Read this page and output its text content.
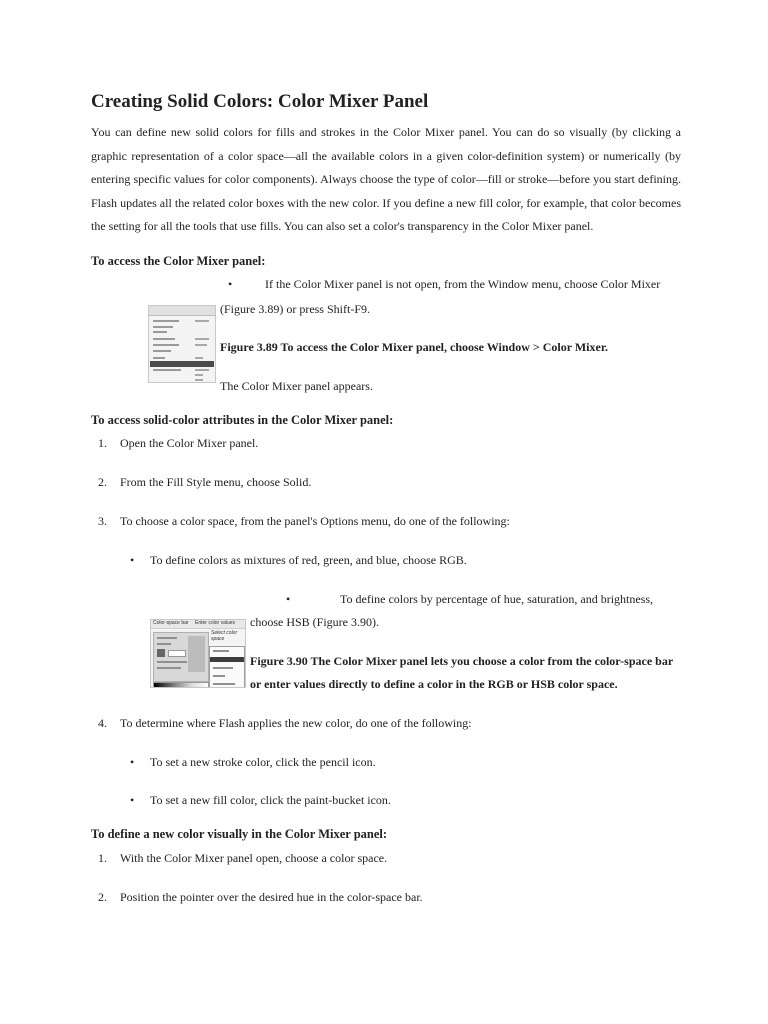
Creating Solid Colors: Color Mixer Panel

You can define new solid colors for fills and strokes in the Color Mixer panel. You can do so visually (by clicking a graphic representation of a color space—all the available colors in a given color-definition system) or numerically (by entering specific values for color components). Always choose the type of color—fill or stroke—before you start defining. Flash updates all the related color boxes with the new color. If you define a new fill color, for example, that color becomes the setting for all the tools that use fills. You can also set a color's transparency in the Color Mixer panel.

To access the Color Mixer panel:
•	If the Color Mixer panel is not open, from the Window menu, choose Color Mixer
(Figure 3.89) or press Shift-F9.
Figure 3.89 To access the Color Mixer panel, choose Window > Color Mixer.
The Color Mixer panel appears.
To access solid-color attributes in the Color Mixer panel:
1. Open the Color Mixer panel.
2. From the Fill Style menu, choose Solid.
3. To choose a color space, from the panel's Options menu, do one of the following:
• To define colors as mixtures of red, green, and blue, choose RGB.
•	To define colors by percentage of hue, saturation, and brightness,
choose HSB (Figure 3.90).
Color-space bar Enter color values
Select color space
Figure 3.90 The Color Mixer panel lets you choose a color from the color-space bar
or enter values directly to define a color in the RGB or HSB color space.
4. To determine where Flash applies the new color, do one of the following:
• To set a new stroke color, click the pencil icon.
• To set a new fill color, click the paint-bucket icon.
To define a new color visually in the Color Mixer panel:
1. With the Color Mixer panel open, choose a color space.
2. Position the pointer over the desired hue in the color-space bar.
